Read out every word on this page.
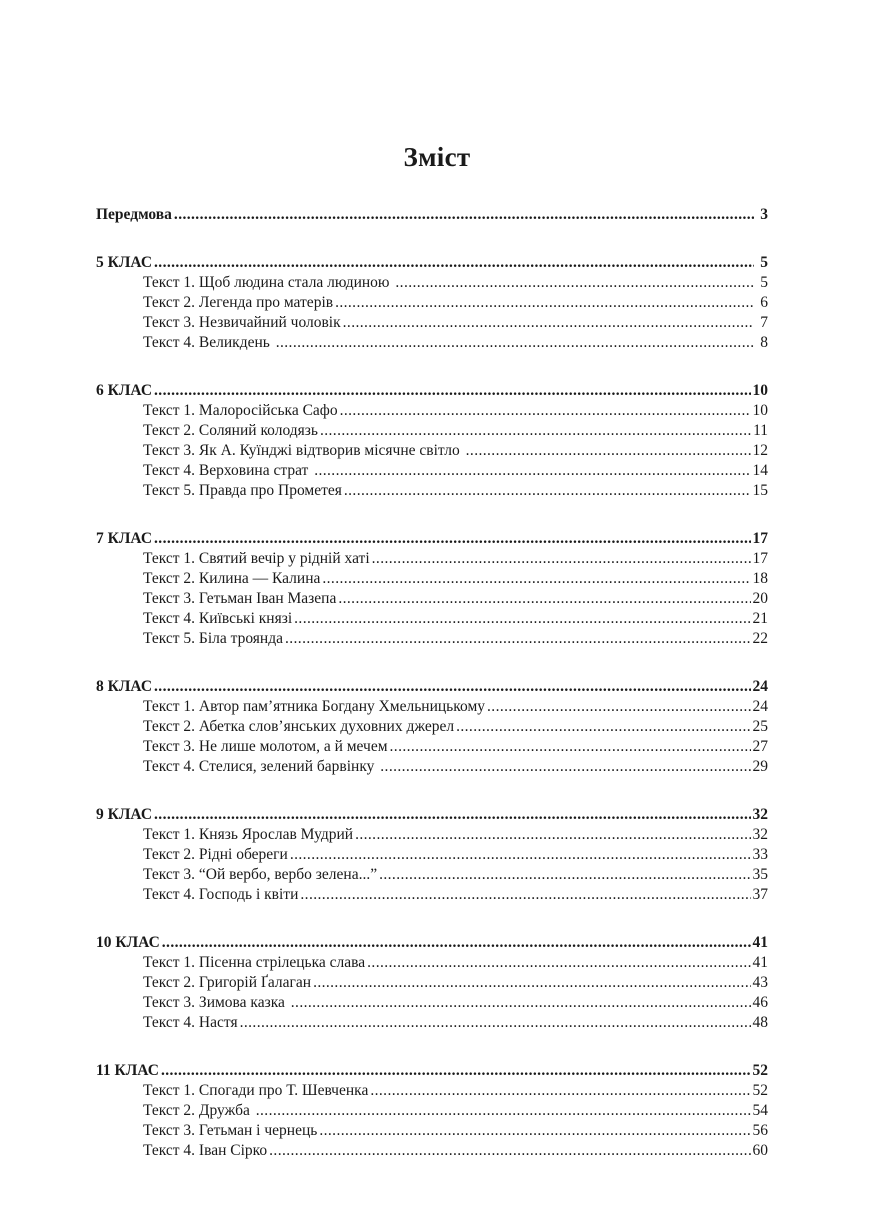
Зміст
Передмова .....	3
5 КЛАС .....	5
Текст 1. Щоб людина стала людиною .....	5
Текст 2. Легенда про матерів .....	6
Текст 3. Незвичайний чоловік .....	7
Текст 4. Великдень .....	8
6 КЛАС .....	10
Текст 1. Малоросійська Сафо .....	10
Текст 2. Соляний колодязь .....	11
Текст 3. Як А. Куїнджі відтворив місячне світло .....	12
Текст 4. Верховина страт .....	14
Текст 5. Правда про Прометея .....	15
7 КЛАС .....	17
Текст 1. Святий вечір у рідній хаті .....	17
Текст 2. Килина — Калина .....	18
Текст 3. Гетьман Іван Мазепа .....	20
Текст 4. Київські князі .....	21
Текст 5. Біла троянда .....	22
8 КЛАС .....	24
Текст 1. Автор пам’ятника Богдану Хмельницькому .....	24
Текст 2. Абетка слов’янських духовних джерел .....	25
Текст 3. Не лише молотом, а й мечем .....	27
Текст 4. Стелися, зелений барвінку .....	29
9 КЛАС .....	32
Текст 1. Князь Ярослав Мудрий .....	32
Текст 2. Рідні обереги .....	33
Текст 3. “Ой вербо, вербо зелена...” .....	35
Текст 4. Господь і квіти .....	37
10 КЛАС .....	41
Текст 1. Пісенна стрілецька слава .....	41
Текст 2. Григорій Ґалаган .....	43
Текст 3. Зимова казка .....	46
Текст 4. Настя .....	48
11 КЛАС .....	52
Текст 1. Спогади про Т. Шевченка .....	52
Текст 2. Дружба .....	54
Текст 3. Гетьман і чернець .....	56
Текст 4. Іван Сірко .....	60
